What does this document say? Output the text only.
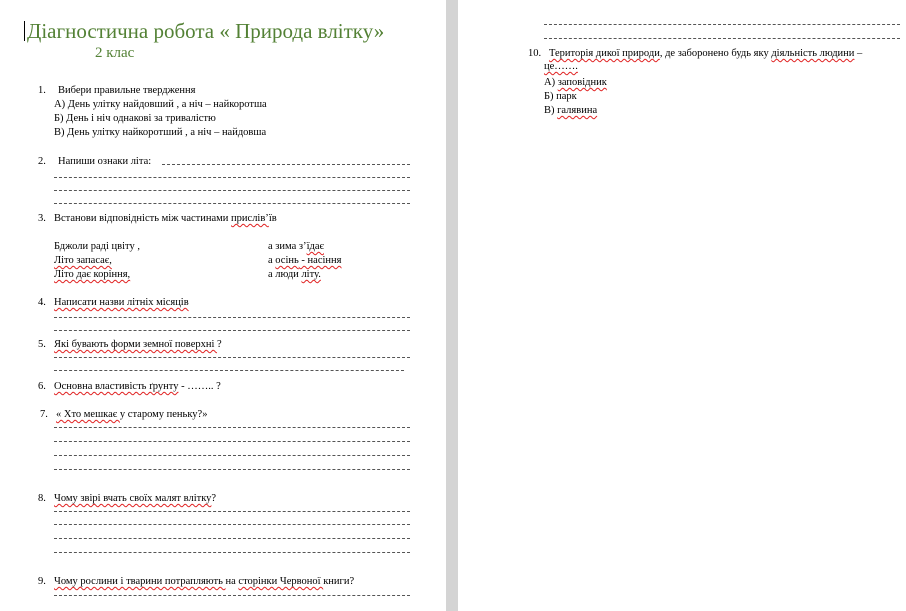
Діагностична робота « Природа влітку»
2 клас
1. Вибери правильне твердження
А) День улітку найдовший , а ніч – найкоротша
Б) День і ніч однакові за тривалістю
В) День улітку найкоротший , а ніч – найдовша
2. Напиши ознаки літа:
3. Встанови відповідність між частинами прислів’їв
Бджоли раді цвіту ,
Літо запасає,
Літо дає коріння,
а зима з’їдає
а осінь - насіння
а люди літу.
4. Написати назви літніх місяців
5. Які бувають форми земної поверхні ?
6. Основна властивість ґрунту - …….. ?
7. « Хто мешкає у старому пеньку?»
8. Чому звірі вчать своїх малят влітку?
9. Чому рослини і тварини потрапляють на сторінки Червоної книги?
10. Територія дикої природи, де заборонено будь яку діяльність людини –
це…….
А) заповідник
Б) парк
В) галявина
